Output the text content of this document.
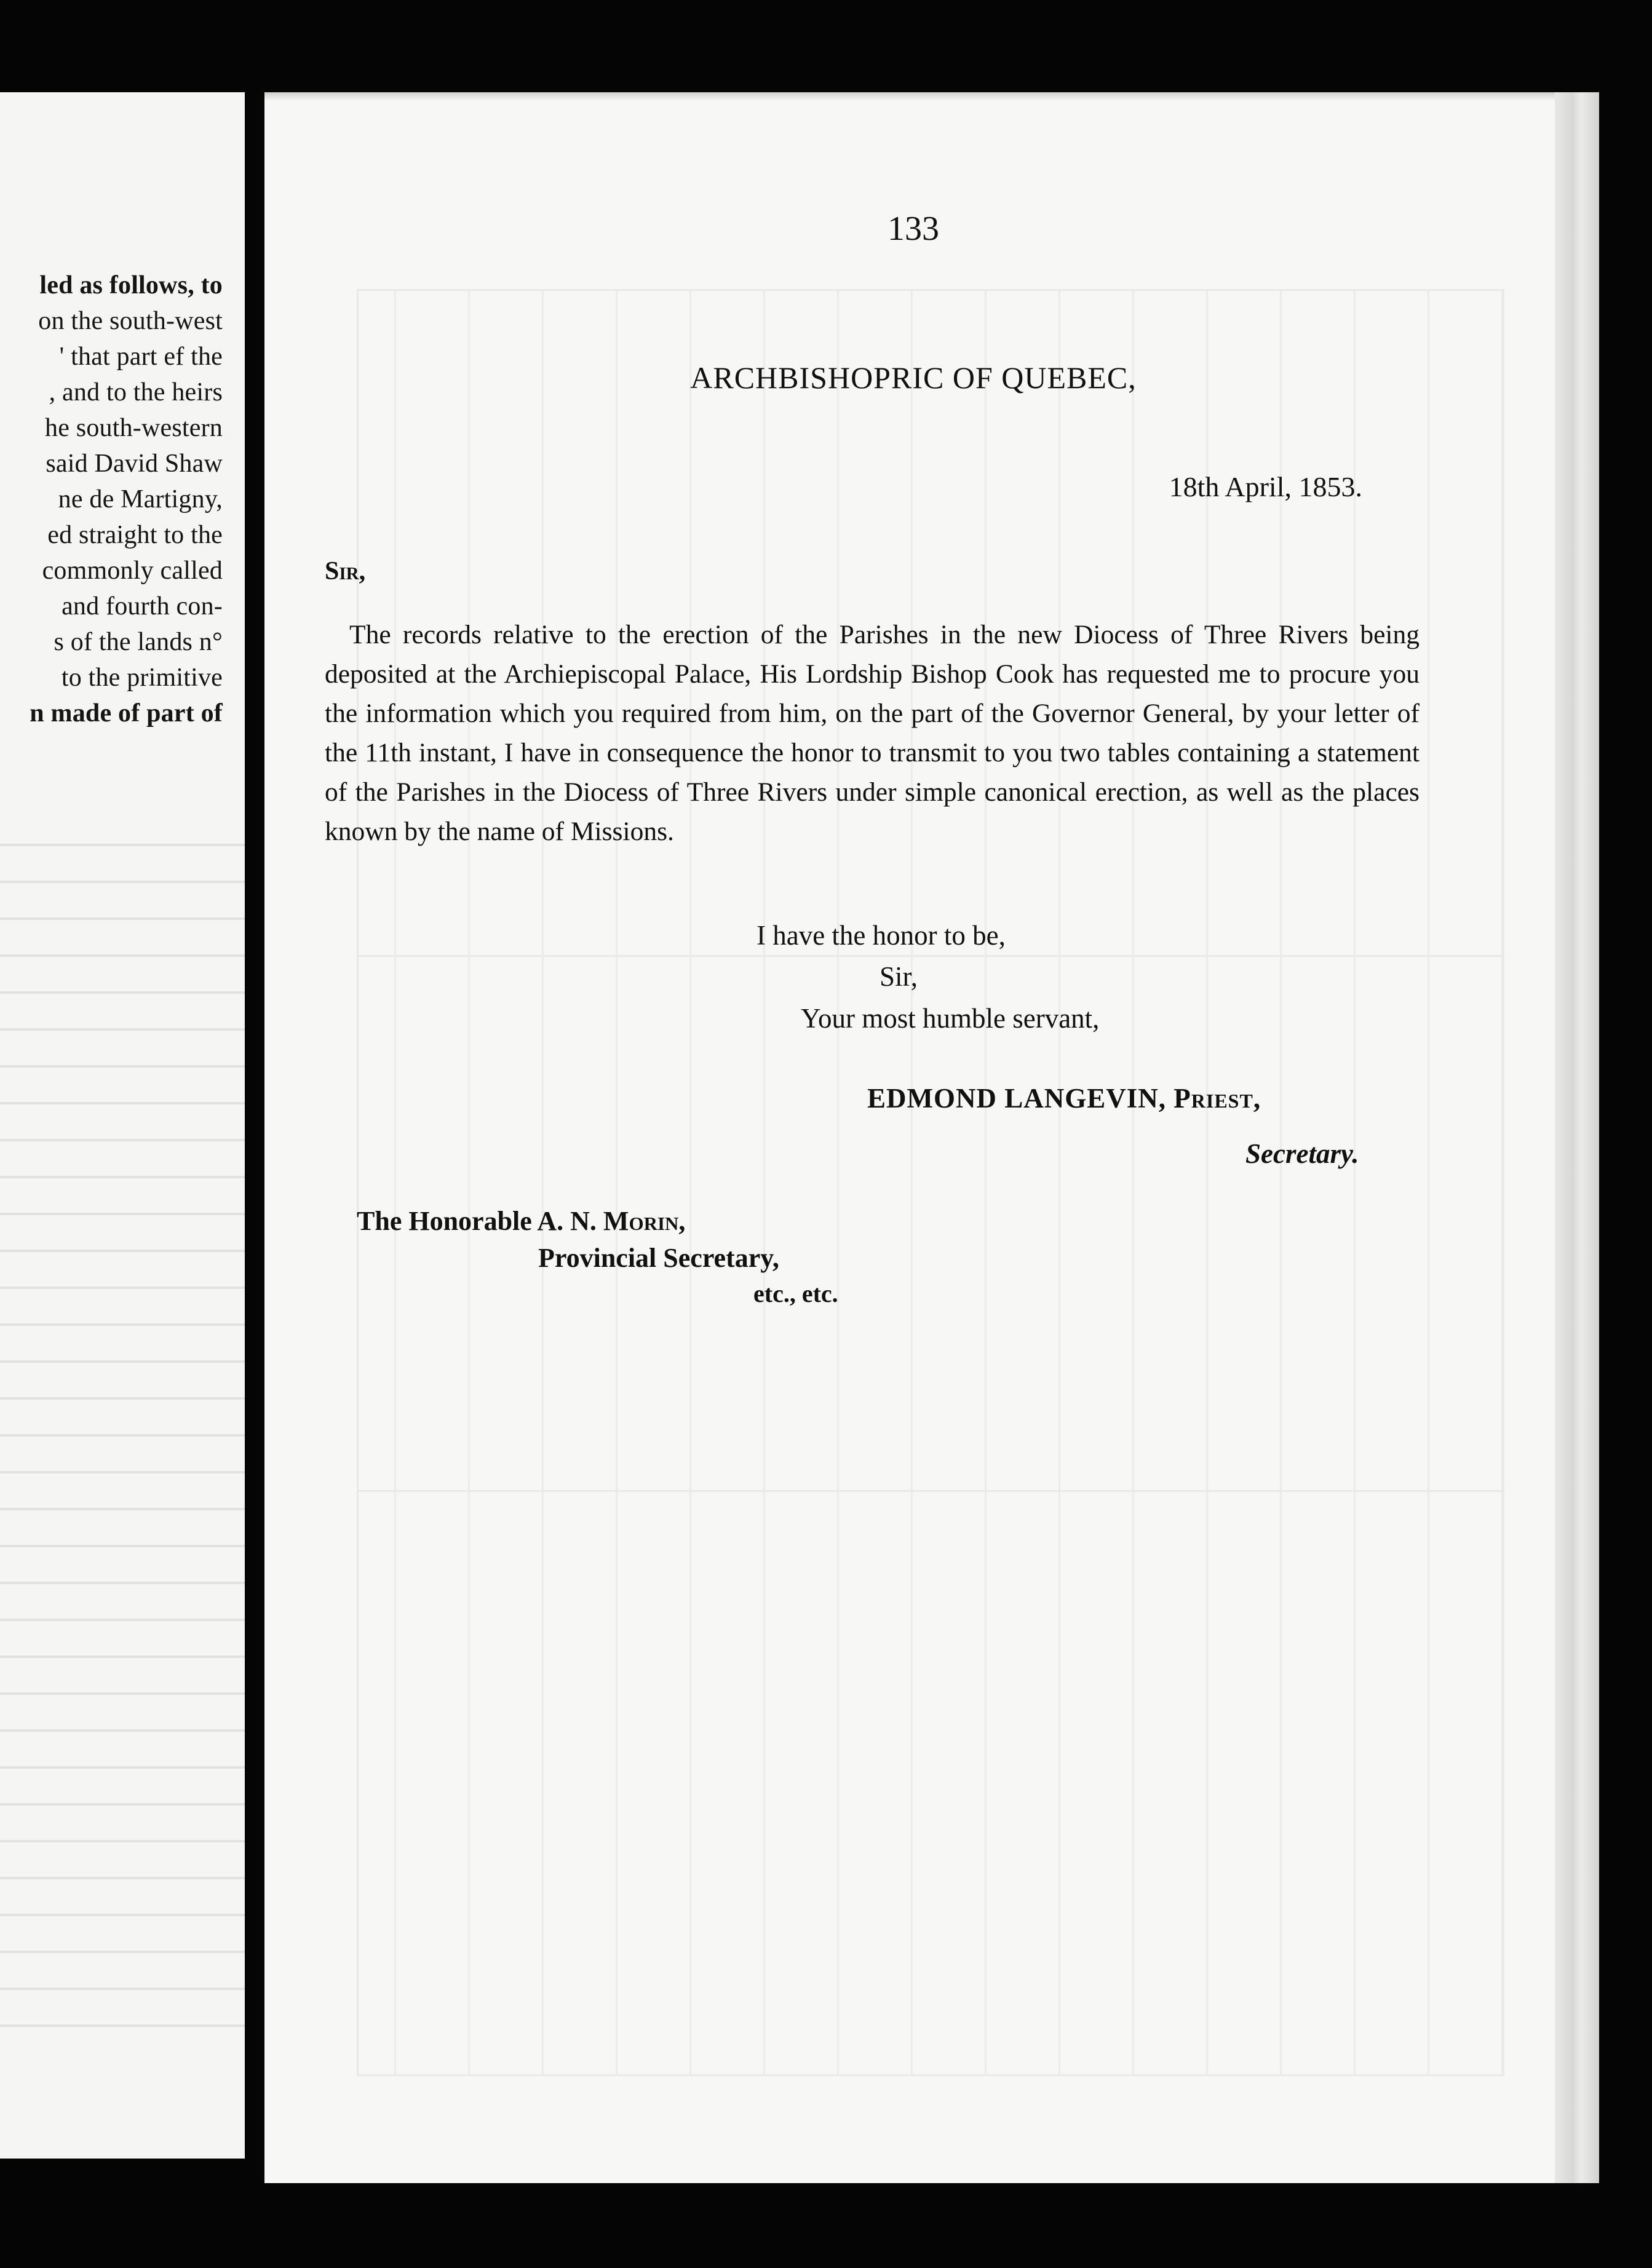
led as follows, to
on the south-west
' that part ef the
, and to the heirs
he south-western
said David Shaw
ne de Martigny,
ed straight to the
commonly called
and fourth con-
s of the lands n°
to the primitive
n made of part of
133
ARCHBISHOPRIC OF QUEBEC,
18th April, 1853.
Sir,
The records relative to the erection of the Parishes in the new Diocess of Three Rivers being deposited at the Archiepiscopal Palace, His Lordship Bishop Cook has requested me to procure you the information which you required from him, on the part of the Governor General, by your letter of the 11th instant, I have in consequence the honor to transmit to you two tables containing a statement of the Parishes in the Diocess of Three Rivers under simple canonical erection, as well as the places known by the name of Missions.
I have the honor to be,
Sir,
Your most humble servant,
EDMOND LANGEVIN, Priest,
Secretary.
The Honorable A. N. Morin,
Provincial Secretary,
etc., etc.
